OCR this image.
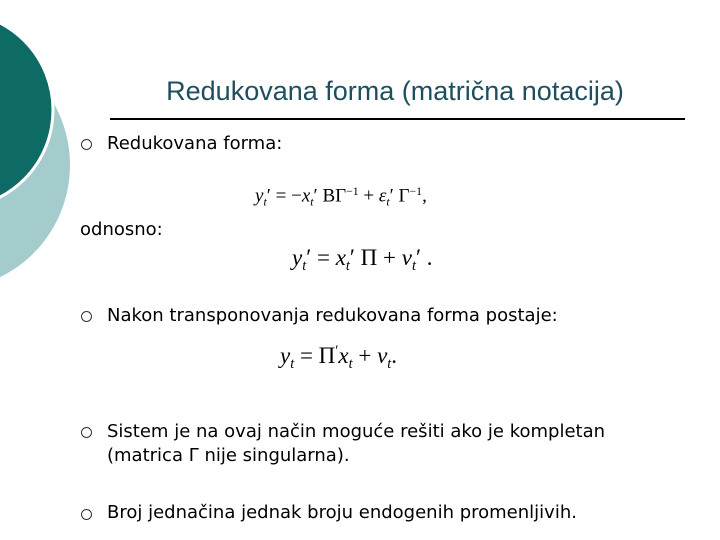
Redukovana forma (matrična notacija)
Redukovana forma:
$y_t' = -x_t'$ $B\Gamma^{-1} + \varepsilon_t'$ $\Gamma^{-1}$,
odnosno:
$y_t' = x_t'$ $\Pi + v_t'$ .
Nakon transponovanja redukovana forma postaje:
$y_t = \Pi'x_t + v_t$.
Sistem je na ovaj način moguće rešiti ako je kompletan
(matrica Γ nije singularna).
Broj jednačina jednak broju endogenih promenljivih.
